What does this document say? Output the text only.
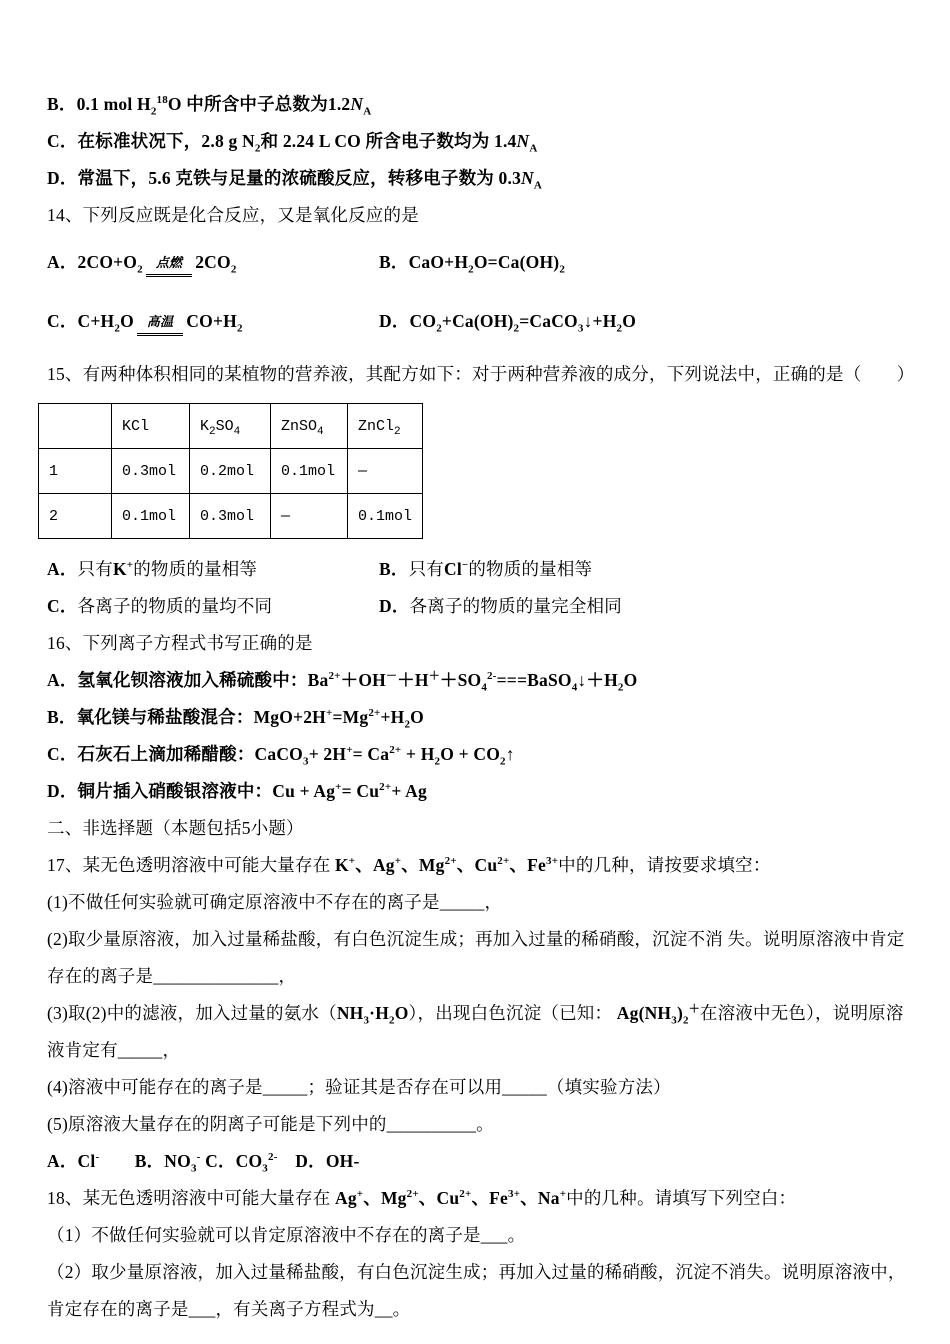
B．0.1 mol $H_2^{18}O$ 中所含中子总数为$1.2N_A$

C．在标准状况下，2.8 g $N_2$和 2.24 L CO 所含电子数均为 $1.4N_A$

D．常温下，5.6 克铁与足量的浓硫酸反应，转移电子数为 $0.3N_A$

14、下列反应既是化合反应，又是氧化反应的是

A．$2CO+O_2$	点燃 $2CO_2$	B．$CaO+H_2O=Ca(OH)_2$
C．$C+H_2O$	高温 $CO+H_2$	D．$CO_2+Ca(OH)_2=CaCO_3↓+H_2O$

15、有两种体积相同的某植物的营养液，其配方如下：对于两种营养液的成分，下列说法中，正确的是（　　）

	KCl	$K_2SO_4$	ZnSO$_4$	ZnCl$_2$
1	0.3mol	0.2mol	0.1mol	—
2	0.1mol	0.3mol	—	0.1mol
A．只有K+的物质的量相等	B．只有Cl−的物质的量相等
C．各离子的物质的量均不同	D．各离子的物质的量完全相同

16、下列离子方程式书写正确的是

A．氢氧化钡溶液加入稀硫酸中：$Ba^{2+}+OH^-+H^++SO_4^{2-}===BaSO_4↓+H_2O$

B．氧化镁与稀盐酸混合：$MgO+2H^+=Mg^{2+}+H_2O$

C．石灰石上滴加稀醋酸：CaCO$_3$+ $2H^+= Ca^{2+} + H_2O$ + $CO_2↑$

D．铜片插入硝酸银溶液中：$Cu + Ag^+= Cu^{2+}+ Ag$

二、非选择题（本题包括5小题）

17、某无色透明溶液中可能大量存在 K+、Ag+、$Mg^{2+}$、$Cu^{2+}$、$Fe^{3+}$中的几种，请按要求填空：

(1)不做任何实验就可确定原溶液中不存在的离子是_____，

(2)取少量原溶液，加入过量稀盐酸，有白色沉淀生成；再加入过量的稀硝酸，沉淀不消 失。说明原溶液中肯定存在的离子是______________，

(3)取(2)中的滤液，加入过量的氨水$(NH_3\cdot H_2O)$，出现白色沉淀（已知： $Ag(NH_3)_2^+$在溶液中无色），说明原溶液肯定有_____，

(4)溶液中可能存在的离子是_____；验证其是否存在可以用_____（填实验方法）

(5)原溶液大量存在的阴离子可能是下列中的__________。

A．Cl-　　B．$NO_3^-$ C．$CO_3^{2-}$　D．OH-

18、某无色透明溶液中可能大量存在 Ag+、$Mg^{2+}$、$Cu^{2+}$、$Fe^{3+}$、Na+中的几种。请填写下列空白：

（1）不做任何实验就可以肯定原溶液中不存在的离子是___。

（2）取少量原溶液，加入过量稀盐酸，有白色沉淀生成；再加入过量的稀硝酸，沉淀不消失。说明原溶液中，肯定存在的离子是___，有关离子方程式为__。
